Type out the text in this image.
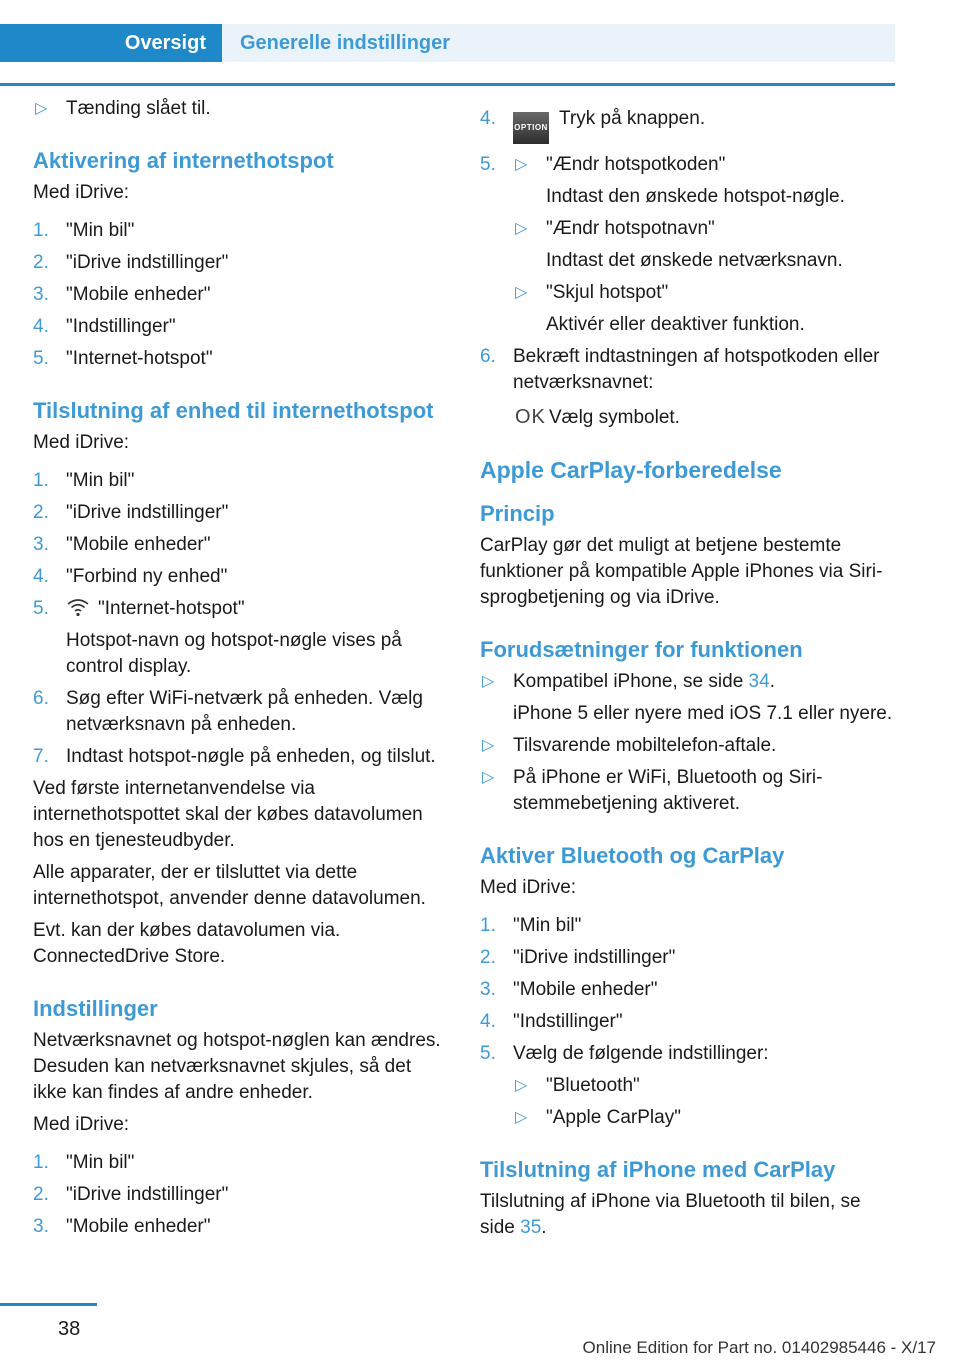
Oversigt	Generelle indstillinger
▷ Tænding slået til.
Aktivering af internethotspot

Med iDrive:

1. "Min bil"
2. "iDrive indstillinger"
3. "Mobile enheder"
4. "Indstillinger"
5. "Internet-hotspot"
Tilslutning af enhed til internethotspot

Med iDrive:

1. "Min bil"
2. "iDrive indstillinger"
3. "Mobile enheder"
4. "Forbind ny enhed"
5.	"Internet-hotspot"
Hotspot-navn og hotspot-nøgle vises på control display.
6. Søg efter WiFi-netværk på enheden. Vælg netværksnavn på enheden.
7. Indtast hotspot-nøgle på enheden, og tilslut.

Ved første internetanvendelse via internethotspottet skal der købes datavolumen hos en tjenesteudbyder.

Alle apparater, der er tilsluttet via dette internethotspot, anvender denne datavolumen.

Evt. kan der købes datavolumen via. ConnectedDrive Store.

Indstillinger

Netværksnavnet og hotspot-nøglen kan ændres. Desuden kan netværksnavnet skjules, så det ikke kan findes af andre enheder.

Med iDrive:

1. "Min bil"
2. "iDrive indstillinger"
3. "Mobile enheder"
4. OPTION Tryk på knappen.
5. ▷ "Ændr hotspotkoden"
Indtast den ønskede hotspot-nøgle.
▷ "Ændr hotspotnavn"
Indtast det ønskede netværksnavn.
▷ "Skjul hotspot"
Aktivér eller deaktiver funktion.
6. Bekræft indtastningen af hotspotkoden eller netværksnavnet:
OK Vælg symbolet.
Apple CarPlay-forberedelse
Princip

CarPlay gør det muligt at betjene bestemte funktioner på kompatible Apple iPhones via Siri-sprogbetjening og via iDrive.

Forudsætninger for funktionen
▷ Kompatibel iPhone, se side 34.
iPhone 5 eller nyere med iOS 7.1 eller nyere.
▷ Tilsvarende mobiltelefon-aftale.
▷ På iPhone er WiFi, Bluetooth og Siri-stemmebetjening aktiveret.
Aktiver Bluetooth og CarPlay

Med iDrive:

1. "Min bil"
2. "iDrive indstillinger"
3. "Mobile enheder"
4. "Indstillinger"
5. Vælg de følgende indstillinger:
▷ "Bluetooth"
▷ "Apple CarPlay"
Tilslutning af iPhone med CarPlay

Tilslutning af iPhone via Bluetooth til bilen, se side 35.

38
Online Edition for Part no. 01402985446 - X/17
